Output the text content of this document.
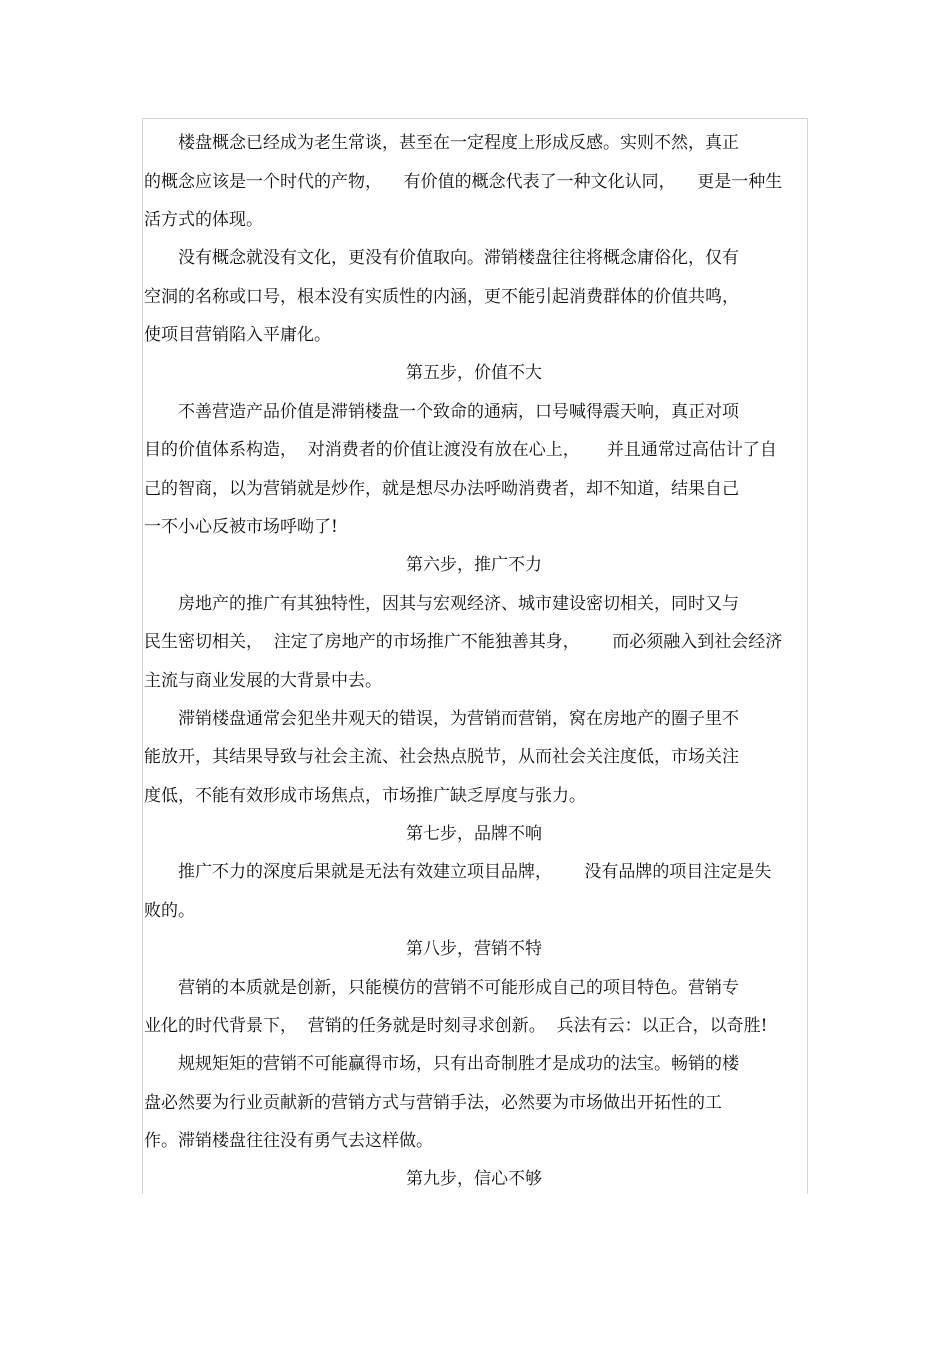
楼盘概念已经成为老生常谈，甚至在一定程度上形成反感。实则不然，真正
的概念应该是一个时代的产物，    有价值的概念代表了一种文化认同，    更是一种生
活方式的体现。
没有概念就没有文化，更没有价值取向。滞销楼盘往往将概念庸俗化，仅有
空洞的名称或口号，根本没有实质性的内涵，更不能引起消费群体的价值共鸣，
使项目营销陷入平庸化。
第五步，价值不大
不善营造产品价值是滞销楼盘一个致命的通病，口号喊得震天响，真正对项
目的价值体系构造，  对消费者的价值让渡没有放在心上，     并且通常过高估计了自
己的智商，以为营销就是炒作，就是想尽办法呼呦消费者，却不知道，结果自己
一不小心反被市场呼呦了!
第六步，推广不力
房地产的推广有其独特性，因其与宏观经济、城市建设密切相关，同时又与
民生密切相关，  注定了房地产的市场推广不能独善其身，      而必须融入到社会经济
主流与商业发展的大背景中去。
滞销楼盘通常会犯坐井观天的错误，为营销而营销，窝在房地产的圈子里不
能放开，其结果导致与社会主流、社会热点脱节，从而社会关注度低，市场关注
度低，不能有效形成市场焦点，市场推广缺乏厚度与张力。
第七步，品牌不响
推广不力的深度后果就是无法有效建立项目品牌，      没有品牌的项目注定是失
败的。
第八步，营销不特
营销的本质就是创新，只能模仿的营销不可能形成自己的项目特色。营销专
业化的时代背景下，  营销的任务就是时刻寻求创新。  兵法有云：以正合，以奇胜!
规规矩矩的营销不可能赢得市场，只有出奇制胜才是成功的法宝。畅销的楼
盘必然要为行业贡献新的营销方式与营销手法，必然要为市场做出开拓性的工
作。滞销楼盘往往没有勇气去这样做。
第九步，信心不够
